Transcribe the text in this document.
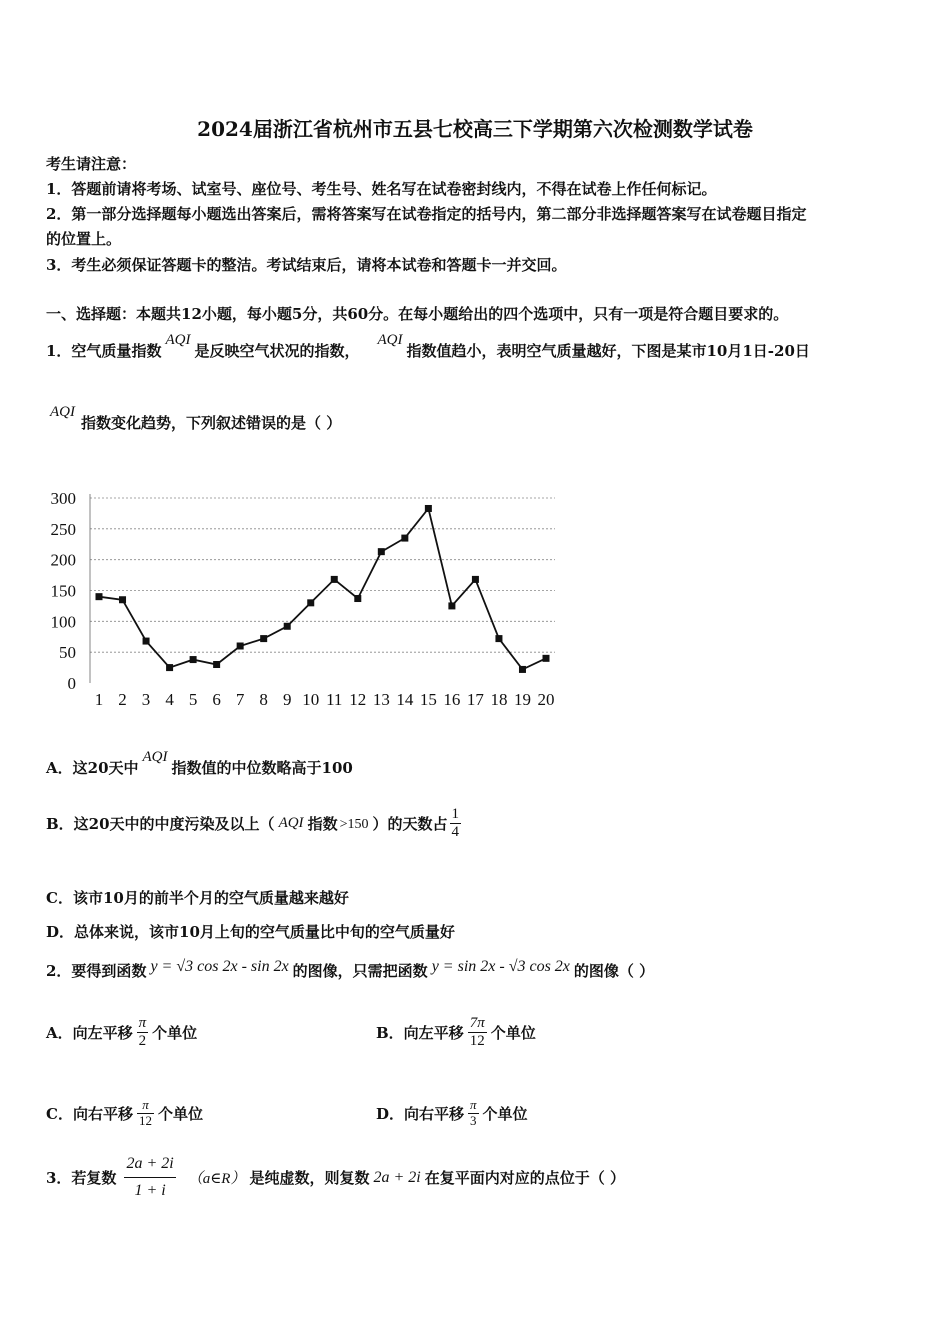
2024届浙江省杭州市五县七校高三下学期第六次检测数学试卷
考生请注意：
1．答题前请将考场、试室号、座位号、考生号、姓名写在试卷密封线内，不得在试卷上作任何标记。
2．第一部分选择题每小题选出答案后，需将答案写在试卷指定的括号内，第二部分非选择题答案写在试卷题目指定
的位置上。
3．考生必须保证答题卡的整洁。考试结束后，请将本试卷和答题卡一并交回。
一、选择题：本题共12小题，每小题5分，共60分。在每小题给出的四个选项中，只有一项是符合题目要求的。
1．空气质量指数AQI是反映空气状况的指数，AQI指数值趋小，表明空气质量越好，下图是某市10月1日-20日
AQI指数变化趋势，下列叙述错误的是（ ）
0
50
100
150
200
250
300
1 2 3 4 5 6 7 8 9 10 11 12 13 14 15 16 17 18 19 20
A．这20天中AQI指数值的中位数略高于100
B．这20天中的中度污染及以上（ AQI 指数 >150 ）的天数占 $\frac{1}{4}$
C．该市10月的前半个月的空气质量越来越好
D．总体来说，该市10月上旬的空气质量比中旬的空气质量好
2．要得到函数 y = √3 cos 2x - sin 2x 的图像，只需把函数 y = sin 2x - √3 cos 2x 的图像（ ）
A．向左平移 $\frac{\pi}{2}$ 个单位	B．向左平移 $\frac{7\pi}{12}$ 个单位
C．向右平移 $\frac{\pi}{12}$ 个单位	D．向右平移 $\frac{\pi}{3}$ 个单位
3．若复数 $\frac{2a + 2i}{1 + i}$ （a∈R） 是纯虚数，则复数 2a + 2i 在复平面内对应的点位于（ ）
